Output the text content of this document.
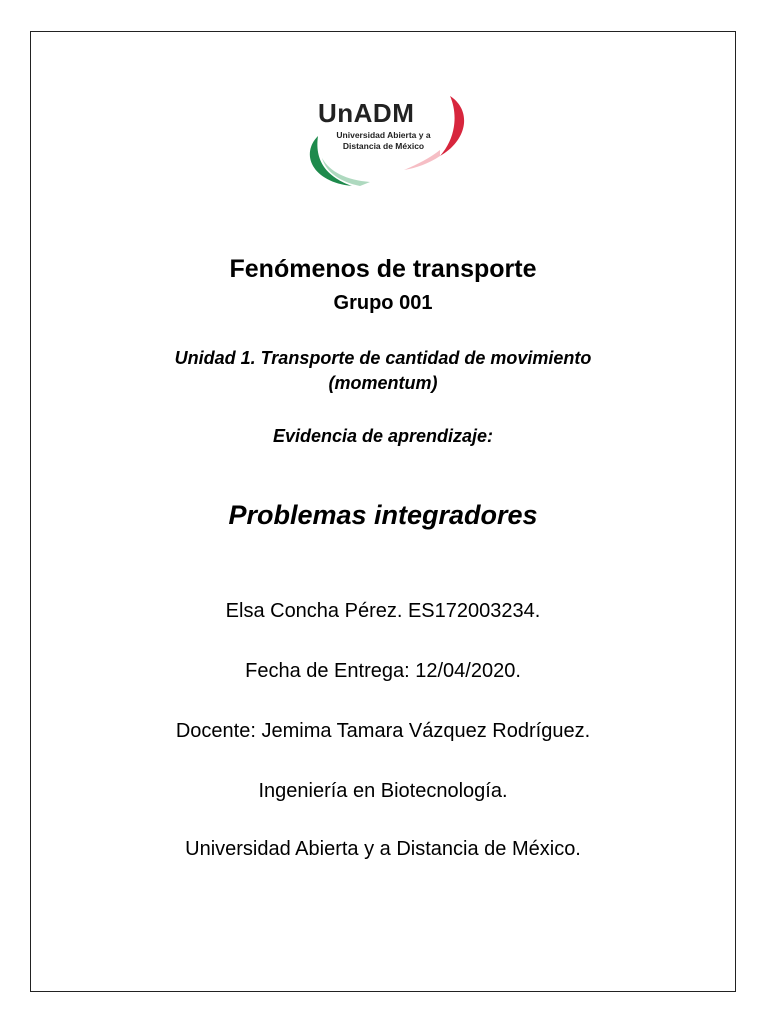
UnADM
Universidad Abierta y a
Distancia de México
Fenómenos de transporte
Grupo 001
Unidad 1. Transporte de cantidad de movimiento
(momentum)
Evidencia de aprendizaje:
Problemas integradores
Elsa Concha Pérez. ES172003234.
Fecha de Entrega: 12/04/2020.
Docente: Jemima Tamara Vázquez Rodríguez.
Ingeniería en Biotecnología.
Universidad Abierta y a Distancia de México.
